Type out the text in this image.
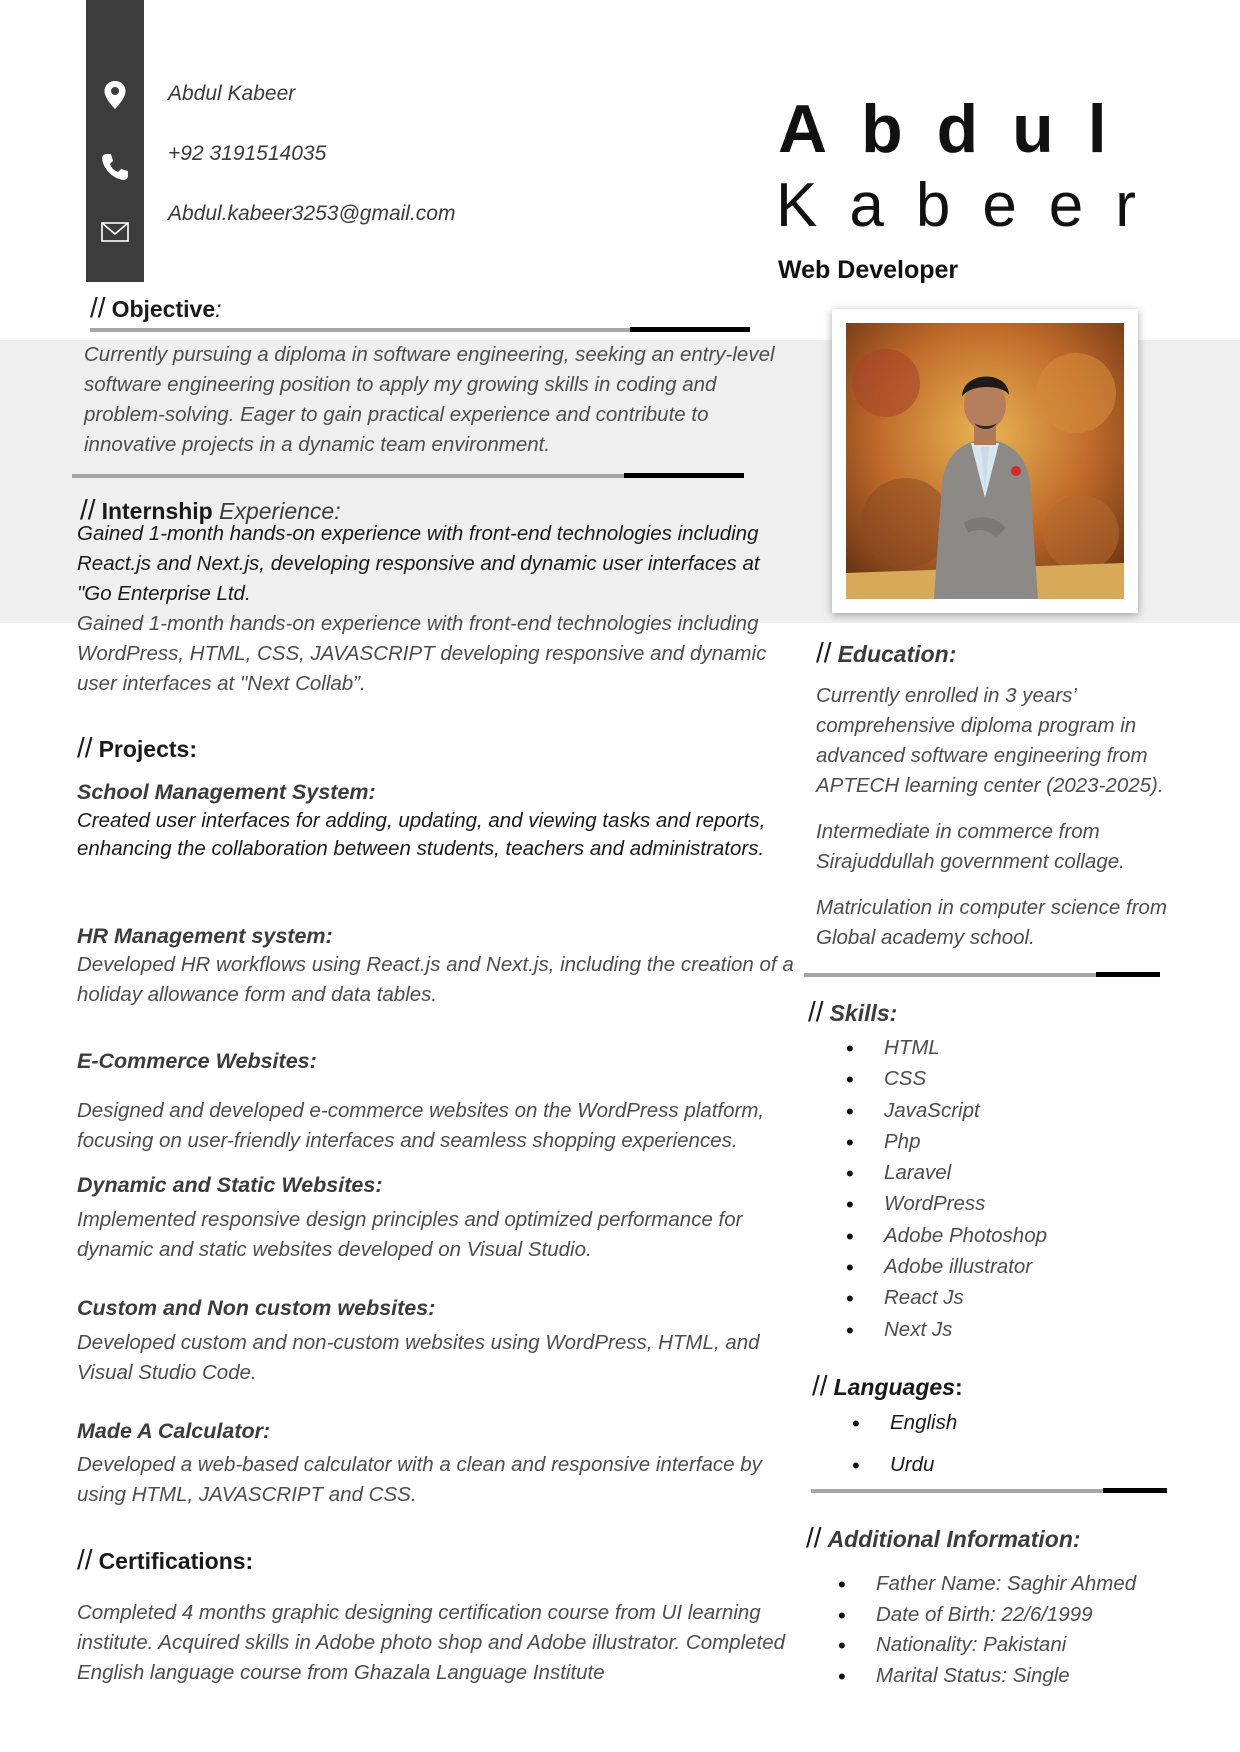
Abdul Kabeer
+92 3191514035
Abdul.kabeer3253@gmail.com
Abdul
Kabeer
Web Developer
// Objective:
Currently pursuing a diploma in software engineering, seeking an entry-level software engineering position to apply my growing skills in coding and problem-solving. Eager to gain practical experience and contribute to innovative projects in a dynamic team environment.
// Internship Experience:
Gained 1-month hands-on experience with front-end technologies including React.js and Next.js, developing responsive and dynamic user interfaces at "Go Enterprise Ltd.
Gained 1-month hands-on experience with front-end technologies including WordPress, HTML, CSS, JAVASCRIPT developing responsive and dynamic user interfaces at "Next Collab”.
// Projects:
School Management System:
Created user interfaces for adding, updating, and viewing tasks and reports, enhancing the collaboration between students, teachers and administrators.
HR Management system:
Developed HR workflows using React.js and Next.js, including the creation of a holiday allowance form and data tables.
E-Commerce Websites:
Designed and developed e-commerce websites on the WordPress platform, focusing on user-friendly interfaces and seamless shopping experiences.
Dynamic and Static Websites:
Implemented responsive design principles and optimized performance for dynamic and static websites developed on Visual Studio.
Custom and Non custom websites:
Developed custom and non-custom websites using WordPress, HTML, and Visual Studio Code.
Made A Calculator:
Developed a web-based calculator with a clean and responsive interface by using HTML, JAVASCRIPT and CSS.
// Certifications:
Completed 4 months graphic designing certification course from UI learning institute. Acquired skills in Adobe photo shop and Adobe illustrator. Completed English language course from Ghazala Language Institute
// Education:
Currently enrolled in 3 years’ comprehensive diploma program in advanced software engineering from APTECH learning center (2023-2025).
Intermediate in commerce from Sirajuddullah government collage.
Matriculation in computer science from Global academy school.
// Skills:
• HTML
• CSS
• JavaScript
• Php
• Laravel
• WordPress
• Adobe Photoshop
• Adobe illustrator
• React Js
• Next Js
// Languages:
• English
• Urdu
// Additional Information:
• Father Name: Saghir Ahmed
• Date of Birth: 22/6/1999
• Nationality: Pakistani
• Marital Status: Single
